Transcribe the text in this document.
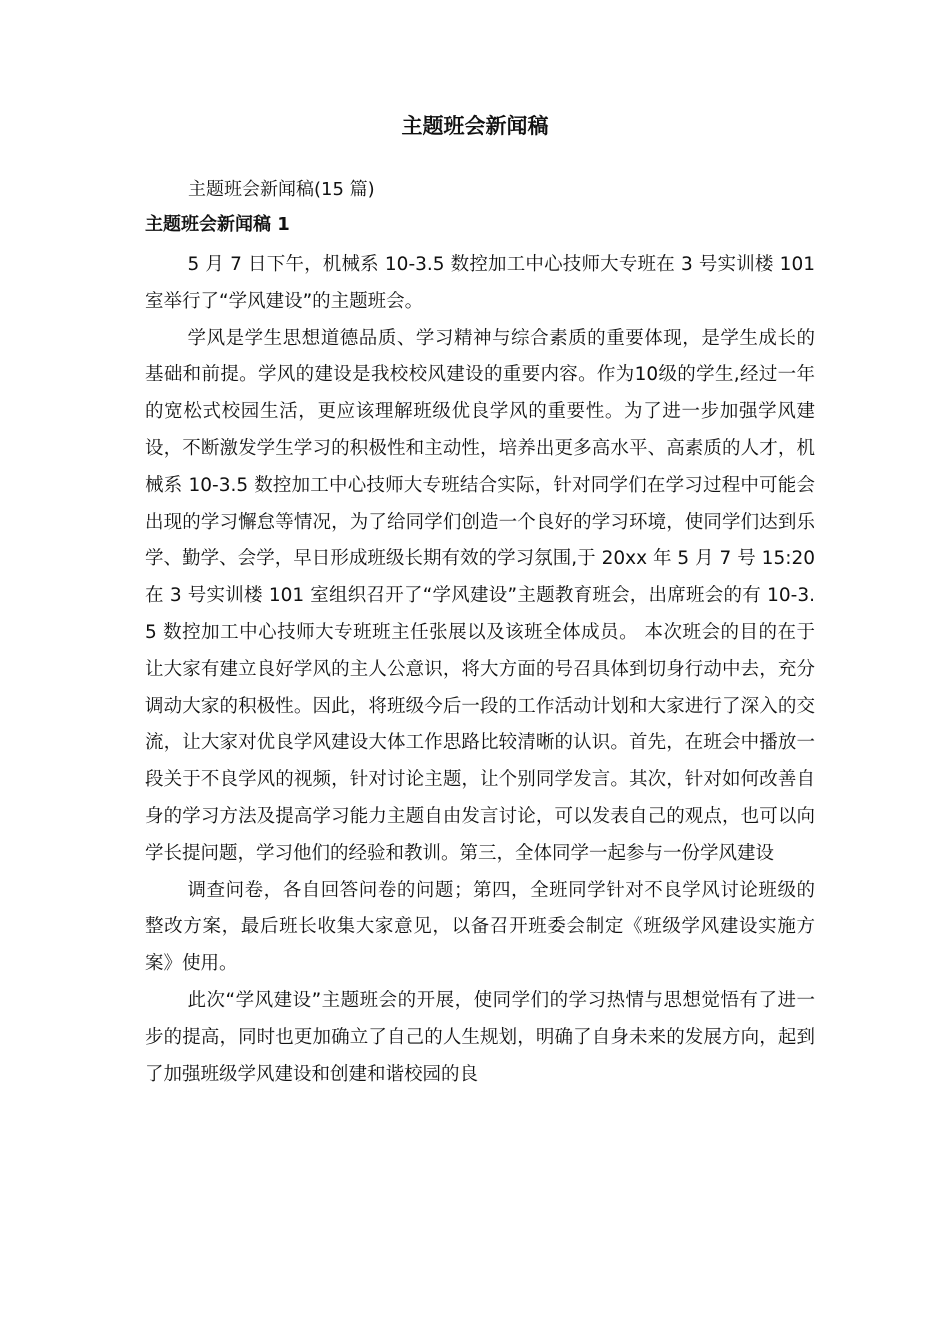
主题班会新闻稿

主题班会新闻稿(15 篇)

主题班会新闻稿 1

5 月 7 日下午，机械系 10-3.5 数控加工中心技师大专班在 3 号实训楼 101 室举行了“学风建设”的主题班会。

学风是学生思想道德品质、学习精神与综合素质的重要体现，是学生成长的基础和前提。学风的建设是我校校风建设的重要内容。作为10级的学生,经过一年的宽松式校园生活，更应该理解班级优良学风的重要性。为了进一步加强学风建设，不断激发学生学习的积极性和主动性，培养出更多高水平、高素质的人才，机械系 10-3.5 数控加工中心技师大专班结合实际，针对同学们在学习过程中可能会出现的学习懈怠等情况，为了给同学们创造一个良好的学习环境，使同学们达到乐学、勤学、会学，早日形成班级长期有效的学习氛围,于 20xx 年 5 月 7 号 15:20 在 3 号实训楼 101 室组织召开了“学风建设”主题教育班会，出席班会的有 10-3.5 数控加工中心技师大专班班主任张展以及该班全体成员。 本次班会的目的在于让大家有建立良好学风的主人公意识，将大方面的号召具体到切身行动中去，充分调动大家的积极性。因此，将班级今后一段的工作活动计划和大家进行了深入的交流，让大家对优良学风建设大体工作思路比较清晰的认识。首先，在班会中播放一段关于不良学风的视频，针对讨论主题，让个别同学发言。其次，针对如何改善自身的学习方法及提高学习能力主题自由发言讨论，可以发表自己的观点，也可以向学长提问题，学习他们的经验和教训。第三，全体同学一起参与一份学风建设

调查问卷，各自回答问卷的问题；第四，全班同学针对不良学风讨论班级的整改方案，最后班长收集大家意见，以备召开班委会制定《班级学风建设实施方案》使用。

此次“学风建设”主题班会的开展，使同学们的学习热情与思想觉悟有了进一步的提高，同时也更加确立了自己的人生规划，明确了自身未来的发展方向，起到了加强班级学风建设和创建和谐校园的良
